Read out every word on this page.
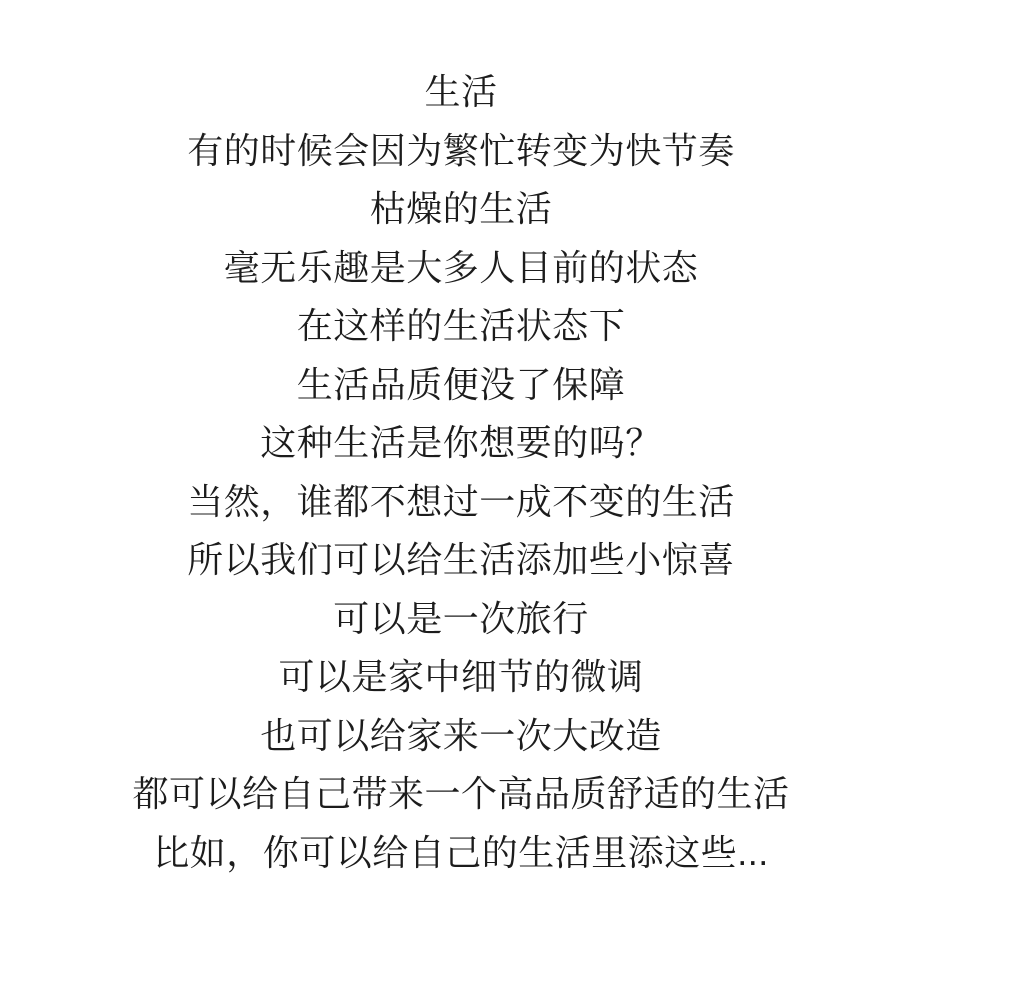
生活

有的时候会因为繁忙转变为快节奏

枯燥的生活

毫无乐趣是大多人目前的状态

在这样的生活状态下

生活品质便没了保障

这种生活是你想要的吗？

当然，谁都不想过一成不变的生活

所以我们可以给生活添加些小惊喜

可以是一次旅行

可以是家中细节的微调

也可以给家来一次大改造

都可以给自己带来一个高品质舒适的生活

比如，你可以给自己的生活里添这些...
